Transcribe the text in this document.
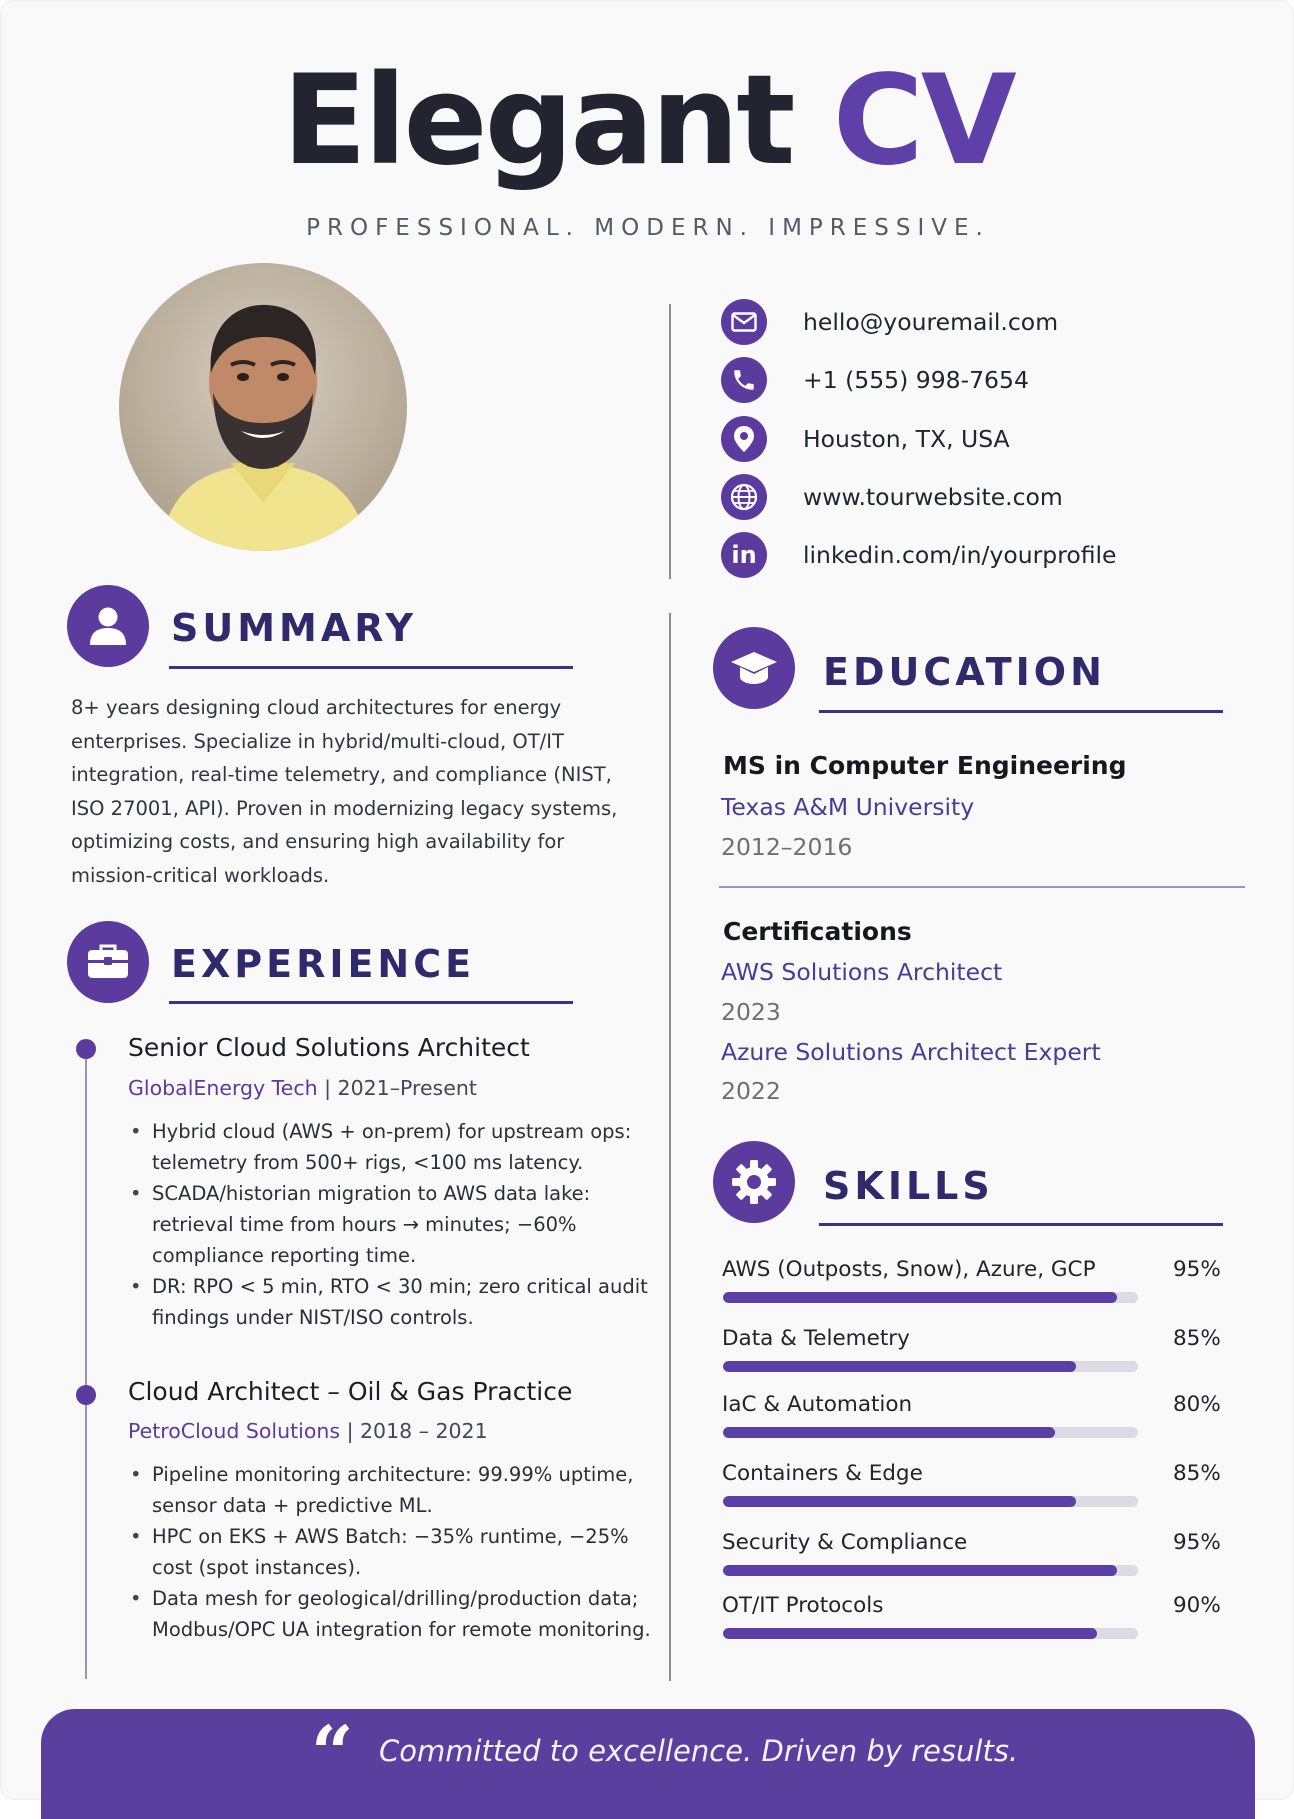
Elegant CV
PROFESSIONAL. MODERN. IMPRESSIVE.
hello@youremail.com
+1 (555) 998-7654
Houston, TX, USA
www.tourwebsite.com
in linkedin.com/in/yourprofile
SUMMARY
8+ years designing cloud architectures for energy enterprises. Specialize in hybrid/multi-cloud, OT/IT integration, real-time telemetry, and compliance (NIST, ISO 27001, API). Proven in modernizing legacy systems, optimizing costs, and ensuring high availability for mission-critical workloads.
EXPERIENCE
Senior Cloud Solutions Architect
GlobalEnergy Tech | 2021–Present
• Hybrid cloud (AWS + on-prem) for upstream ops: telemetry from 500+ rigs, <100 ms latency.
• SCADA/historian migration to AWS data lake: retrieval time from hours → minutes; −60% compliance reporting time.
• DR: RPO < 5 min, RTO < 30 min; zero critical audit findings under NIST/ISO controls.
Cloud Architect – Oil & Gas Practice
PetroCloud Solutions | 2018 – 2021
• Pipeline monitoring architecture: 99.99% uptime, sensor data + predictive ML.
• HPC on EKS + AWS Batch: −35% runtime, −25% cost (spot instances).
• Data mesh for geological/drilling/production data; Modbus/OPC UA integration for remote monitoring.
EDUCATION
MS in Computer Engineering
Texas A&M University
2012–2016
Certifications
AWS Solutions Architect
2023
Azure Solutions Architect Expert
2022
SKILLS
AWS (Outposts, Snow), Azure, GCP	95%
Data & Telemetry	85%
IaC & Automation	80%
Containers & Edge	85%
Security & Compliance	95%
OT/IT Protocols	90%
“ Committed to excellence. Driven by results.
